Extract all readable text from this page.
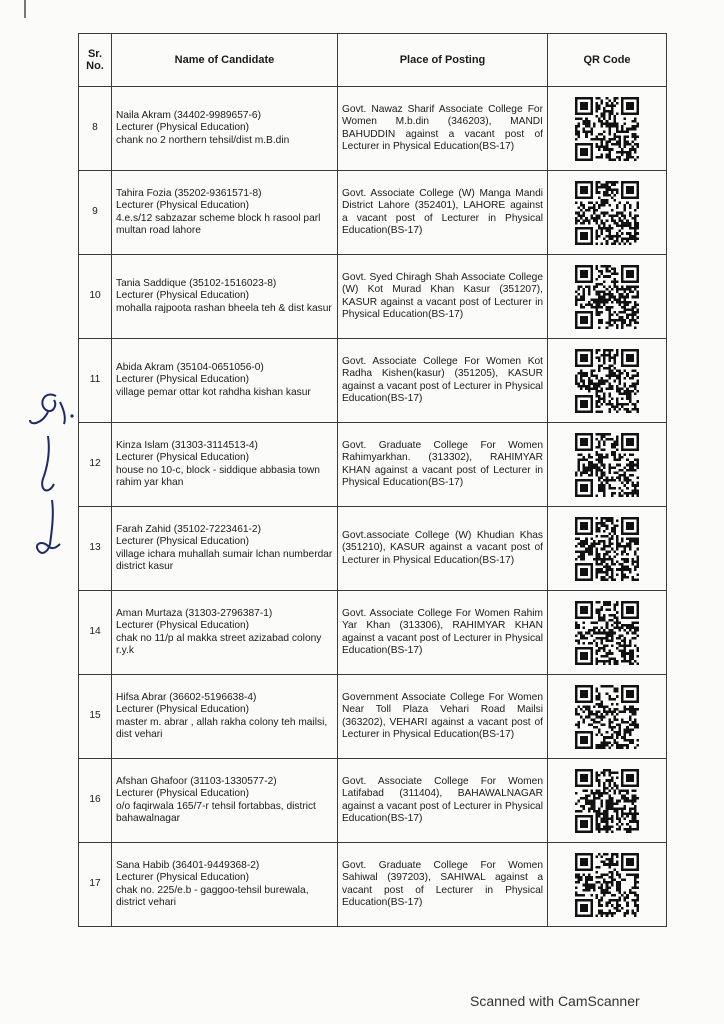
Sr. No.	Name of Candidate	Place of Posting	QR Code
8	Naila Akram (34402-9989657-6)
Lecturer (Physical Education)
chank no 2 northern tehsil/dist m.B.din	Govt. Nawaz Sharif Associate College For Women M.b.din (346203), MANDI BAHUDDIN against a vacant post of Lecturer in Physical Education(BS-17)	

9	Tahira Fozia (35202-9361571-8)
Lecturer (Physical Education)
4.e.s/12 sabzazar scheme block h rasool parl multan road lahore	Govt. Associate College (W) Manga Mandi District Lahore (352401), LAHORE against a vacant post of Lecturer in Physical Education(BS-17)	

10	Tania Saddique (35102-1516023-8)
Lecturer (Physical Education)
mohalla rajpoota rashan bheela teh & dist kasur	Govt. Syed Chiragh Shah Associate College (W) Kot Murad Khan Kasur (351207), KASUR against a vacant post of Lecturer in Physical Education(BS-17)	

11	Abida Akram (35104-0651056-0)
Lecturer (Physical Education)
village pemar ottar kot rahdha kishan kasur	Govt. Associate College For Women Kot Radha Kishen(kasur) (351205), KASUR against a vacant post of Lecturer in Physical Education(BS-17)	

12	Kinza Islam (31303-3114513-4)
Lecturer (Physical Education)
house no 10-c, block - siddique abbasia town rahim yar khan	Govt. Graduate College For Women Rahimyarkhan. (313302), RAHIMYAR KHAN against a vacant post of Lecturer in Physical Education(BS-17)	

13	Farah Zahid (35102-7223461-2)
Lecturer (Physical Education)
village ichara muhallah sumair lchan numberdar district kasur	Govt.associate College (W) Khudian Khas (351210), KASUR against a vacant post of Lecturer in Physical Education(BS-17)	

14	Aman Murtaza (31303-2796387-1)
Lecturer (Physical Education)
chak no 11/p al makka street azizabad colony r.y.k	Govt. Associate College For Women Rahim Yar Khan (313306), RAHIMYAR KHAN against a vacant post of Lecturer in Physical Education(BS-17)	

15	Hifsa Abrar (36602-5196638-4)
Lecturer (Physical Education)
master m. abrar , allah rakha colony teh mailsi, dist vehari	Government Associate College For Women Near Toll Plaza Vehari Road Mailsi (363202), VEHARI against a vacant post of Lecturer in Physical Education(BS-17)	

16	Afshan Ghafoor (31103-1330577-2)
Lecturer (Physical Education)
o/o faqirwala 165/7-r tehsil fortabbas, district bahawalnagar	Govt. Associate College For Women Latifabad (311404), BAHAWALNAGAR against a vacant post of Lecturer in Physical Education(BS-17)	

17	Sana Habib (36401-9449368-2)
Lecturer (Physical Education)
chak no. 225/e.b - gaggoo-tehsil burewala, district vehari	Govt. Graduate College For Women Sahiwal (397203), SAHIWAL against a vacant post of Lecturer in Physical Education(BS-17)	
Scanned with CamScanner
